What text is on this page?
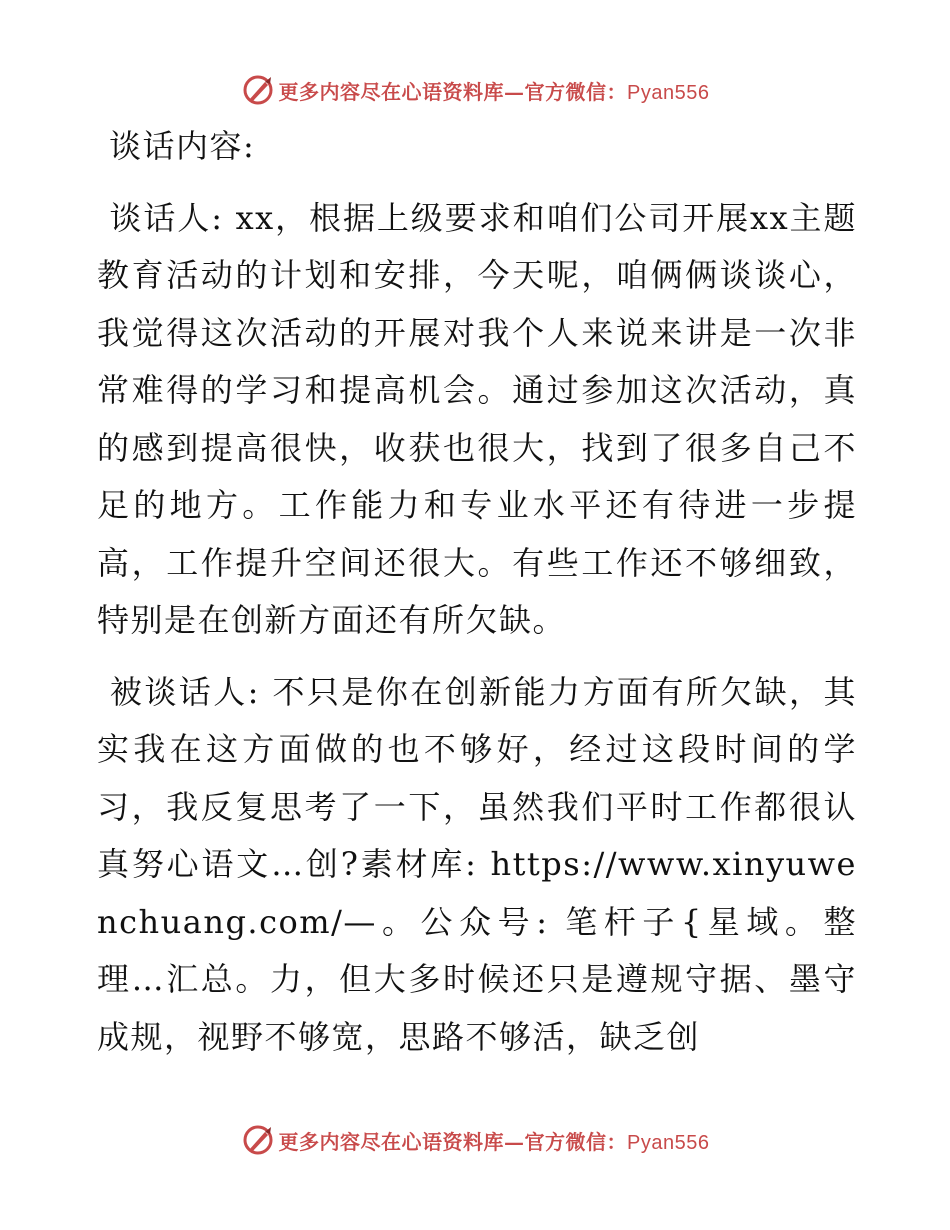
更多内容尽在心语资料库—官方微信：Pyan556

谈话内容:

谈话人: xx，根据上级要求和咱们公司开展xx主题教育活动的计划和安排，今天呢，咱俩俩谈谈心，我觉得这次活动的开展对我个人来说来讲是一次非常难得的学习和提高机会。通过参加这次活动，真的感到提高很快，收获也很大，找到了很多自己不足的地方。工作能力和专业水平还有待进一步提高，工作提升空间还很大。有些工作还不够细致，特别是在创新方面还有所欠缺。

被谈话人: 不只是你在创新能力方面有所欠缺，其实我在这方面做的也不够好，经过这段时间的学习，我反复思考了一下，虽然我们平时工作都很认真努心语文…创?素材库: https://www.xinyuwenchuang.com/—。公众号: 笔杆子{星域。整理…汇总。力，但大多时候还只是遵规守据、墨守成规，视野不够宽，思路不够活，缺乏创

更多内容尽在心语资料库—官方微信：Pyan556
